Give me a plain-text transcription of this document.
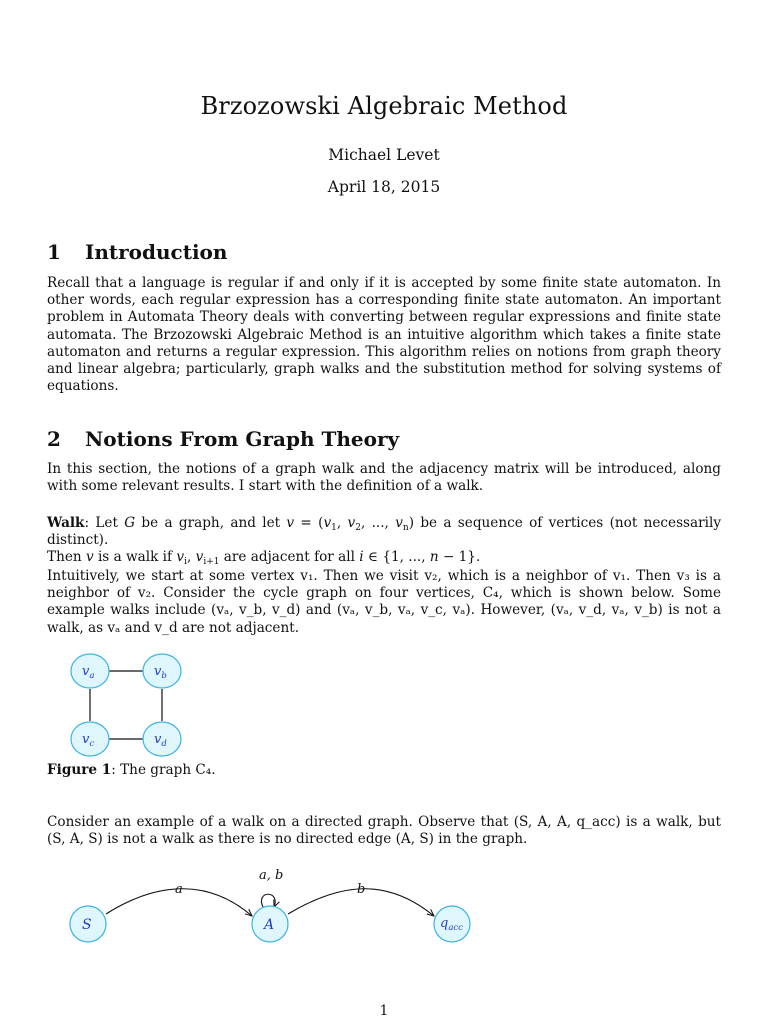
Brzozowski Algebraic Method
Michael Levet
April 18, 2015
1 Introduction
Recall that a language is regular if and only if it is accepted by some finite state automaton. In other words, each regular expression has a corresponding finite state automaton. An important problem in Automata Theory deals with converting between regular expressions and finite state automata. The Brzozowski Algebraic Method is an intuitive algorithm which takes a finite state automaton and returns a regular expression. This algorithm relies on notions from graph theory and linear algebra; particularly, graph walks and the substitution method for solving systems of equations.
2 Notions From Graph Theory
In this section, the notions of a graph walk and the adjacency matrix will be introduced, along with some relevant results. I start with the definition of a walk.
Walk: Let G be a graph, and let $v = (v_1$, $v_2$, ..., $v_n$) be a sequence of vertices (not necessarily distinct).
Then v is a walk if $v_i$, $v_{i+1}$ are adjacent for all i ∈ {1, ..., n − 1}.
Intuitively, we start at some vertex v₁. Then we visit v₂, which is a neighbor of v₁. Then v₃ is a neighbor of v₂. Consider the cycle graph on four vertices, C₄, which is shown below. Some example walks include (vₐ, v_b, v_d) and (vₐ, v_b, vₐ, v_c, vₐ). However, (vₐ, v_d, vₐ, v_b) is not a walk, as vₐ and v_d are not adjacent.
$v_a$	$v_b$
$v_c$	$v_d$
Figure 1: The graph C₄.
Consider an example of a walk on a directed graph. Observe that (S, A, A, q_acc) is a walk, but (S, A, S) is not a walk as there is no directed edge (A, S) in the graph.
S	A	$q_{acc}$
a
a, b
b
1
